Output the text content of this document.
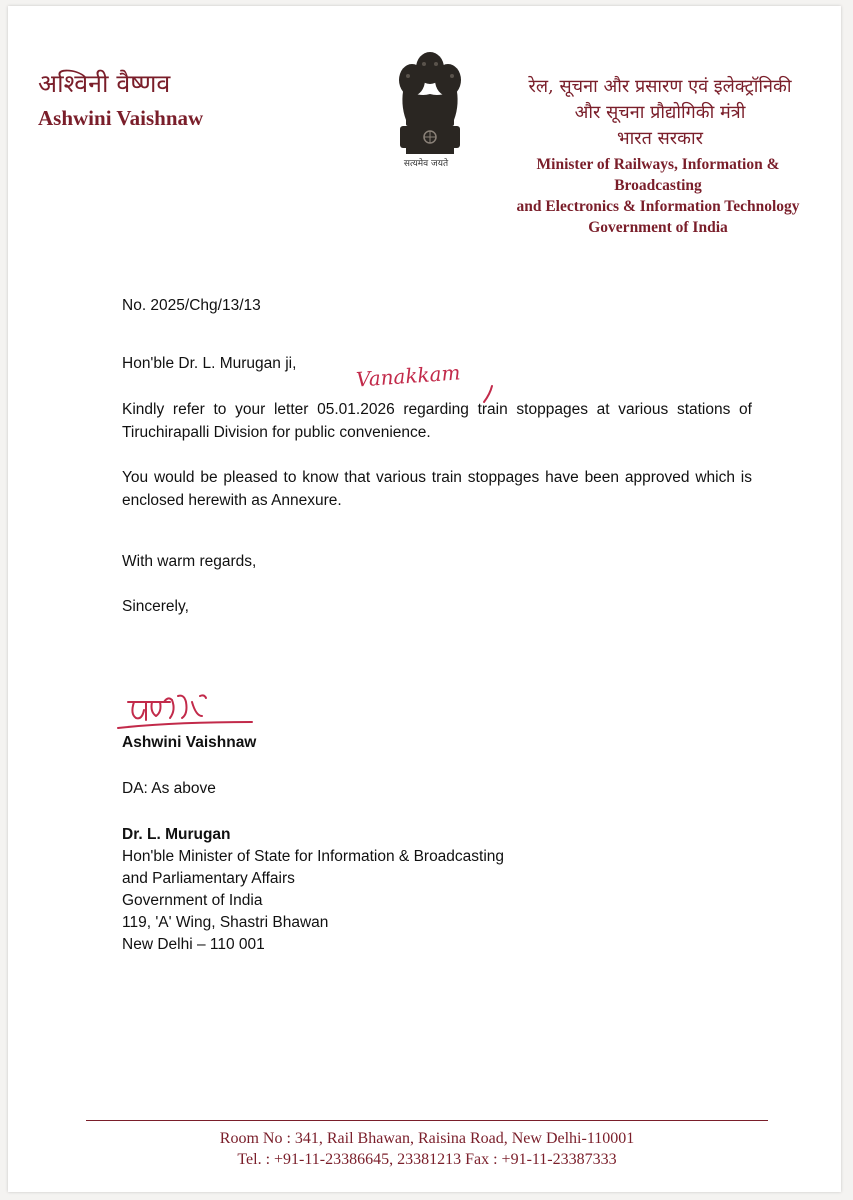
अश्विनी वैष्णव

Ashwini Vaishnaw

सत्यमेव जयते
रेल, सूचना और प्रसारण एवं इलेक्ट्रॉनिकी
और सूचना प्रौद्योगिकी मंत्री
भारत सरकार
Minister of Railways, Information & Broadcasting
and Electronics & Information Technology
Government of India

No. 2025/Chg/13/13

Hon'ble Dr. L. Murugan ji,	Vanakkam

Kindly refer to your letter 05.01.2026 regarding train stoppages at various stations of Tiruchirapalli Division for public convenience.

You would be pleased to know that various train stoppages have been approved which is enclosed herewith as Annexure.

With warm regards,

Sincerely,

Ashwini Vaishnaw

DA: As above

Dr. L. Murugan
Hon'ble Minister of State for Information & Broadcasting
and Parliamentary Affairs
Government of India
119, 'A' Wing, Shastri Bhawan
New Delhi – 110 001
Room No : 341, Rail Bhawan, Raisina Road, New Delhi-110001
Tel. : +91-11-23386645, 23381213 Fax : +91-11-23387333
